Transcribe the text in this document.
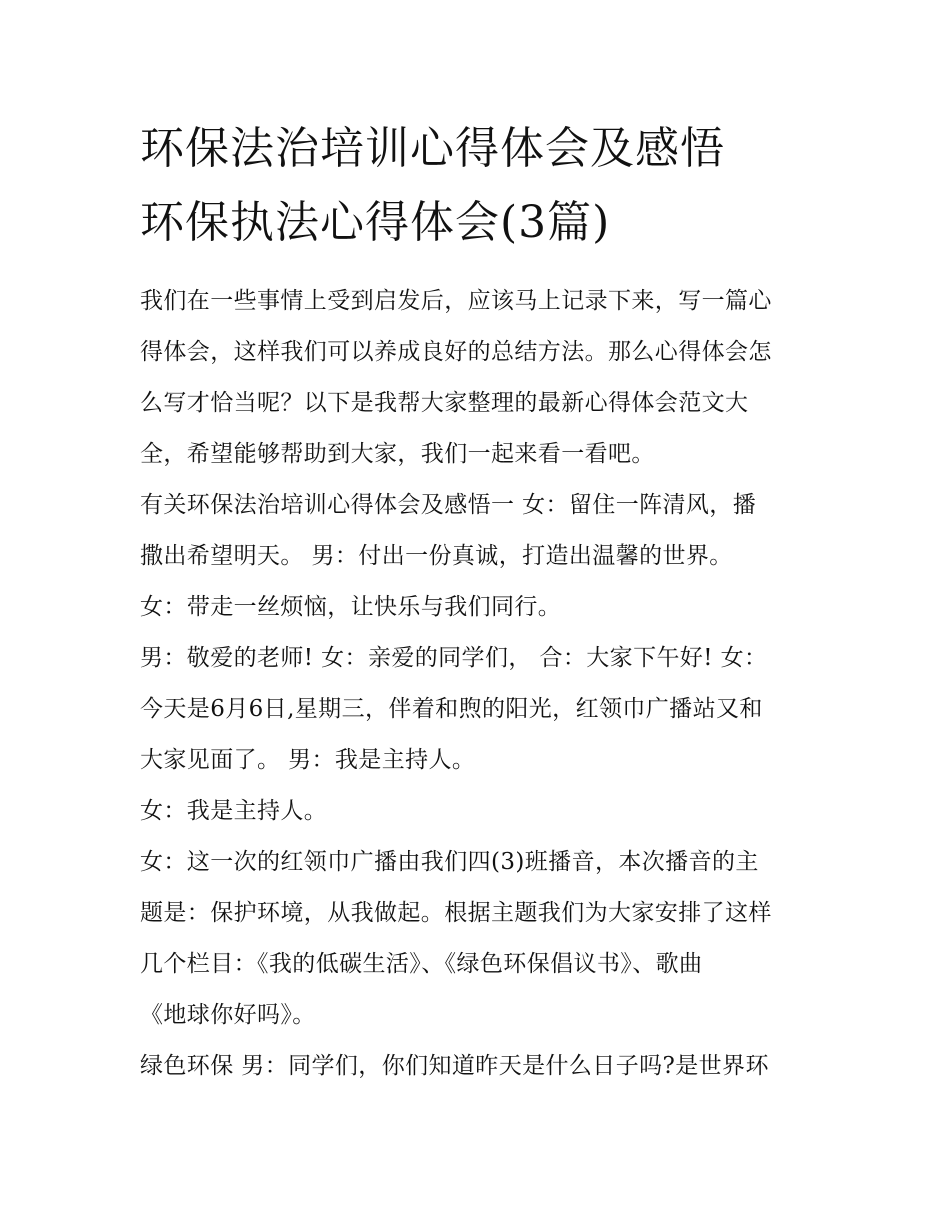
环保法治培训心得体会及感悟
环保执法心得体会(3篇)

我们在一些事情上受到启发后，应该马上记录下来，写一篇心
得体会，这样我们可以养成良好的总结方法。那么心得体会怎
么写才恰当呢？以下是我帮大家整理的最新心得体会范文大
全，希望能够帮助到大家，我们一起来看一看吧。

有关环保法治培训心得体会及感悟一 女：留住一阵清风，播
撒出希望明天。 男：付出一份真诚，打造出温馨的世界。

女：带走一丝烦恼，让快乐与我们同行。

男：敬爱的老师! 女：亲爱的同学们， 合：大家下午好! 女：
今天是6月6日,星期三，伴着和煦的阳光，红领巾广播站又和
大家见面了。 男：我是主持人。

女：我是主持人。

女：这一次的红领巾广播由我们四(3)班播音，本次播音的主
题是：保护环境，从我做起。根据主题我们为大家安排了这样
几个栏目：《我的低碳生活》、《绿色环保倡议书》、歌曲
《地球你好吗》。

绿色环保 男：同学们，你们知道昨天是什么日子吗?是世界环
